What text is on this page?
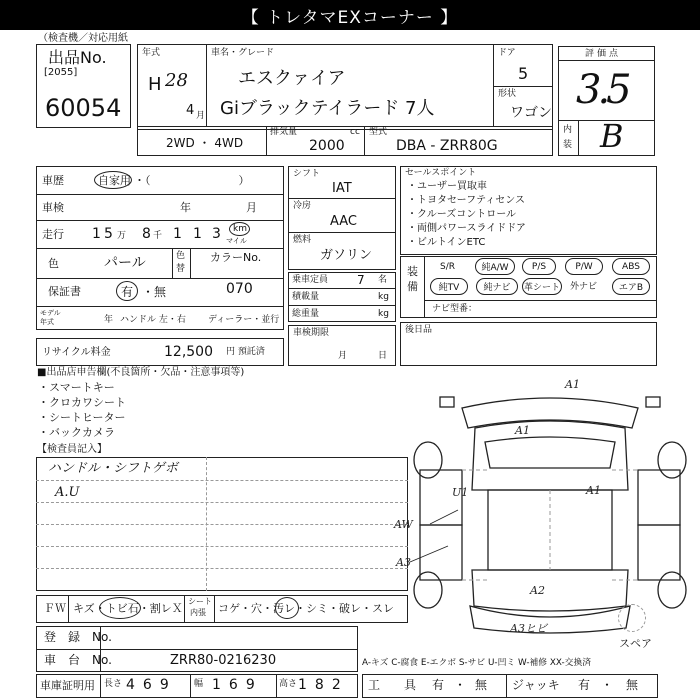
【 トレタマEXコーナー 】
（検査機／対応用紙
出品No.
[2055]
60054
年式
H 28
4 月
車名・グレード
エスクァイア
Giブラックテイラード 7人
ドア
5
形状
ワゴン
2WD ・ 4WD
排気量	cc
2000
型式
DBA - ZRR80G
評価点
3.5
内
装 B
車歴	自家用 ・（　　　　　　　　）
車検	年	月
走行 1 5 万 8 千 1 1 3 km
マイル
色	パール	色
替
カラーNo.
070
保証書	有 ・無
モデル
年式	年 ハンドル 左・右 ディーラー・並行
リサイクル料金	12,500 円 預託済
シフト
IAT
冷房
AAC
燃料
ガソリン
乗車定員 7 名
積載量	kg
総重量	kg
車検期限
月	日
セールスポイント
・ユーザー買取車
・トヨタセーフティセンス
・クルーズコントロール
・両側パワースライドドア
・ビルトインETC
装
備
S/R	純A/W	P/S	P/W	ABS
純TV	純ナビ	革シート 外ナビ	エアB
ナビ型番：
後日品
■出品店申告欄(不良箇所・欠品・注意事項等)
・スマートキー
・クロカワシート
・シートヒーター
・バックカメラ
【検査員記入】
ハンドル・シフトゲボ
A.U
A1
A1
U1	A1
AW
A3
A2
A3ヒビ
スペア
ＦＷ キズ・トビ石・割レＸ
シート
内張 コゲ・穴・汚レ・シミ・破レ・スレ
登　録　No.
車　台　No.	ZRR80-0216230	A-キズ C-腐食 E-エクボ S-サビ U-凹ミ W-補修 XX-交換済
車庫証明用 長さ 469 幅 169 高さ 182 工　　具 有 ・ 無 ジャッキ 有 ・ 無
